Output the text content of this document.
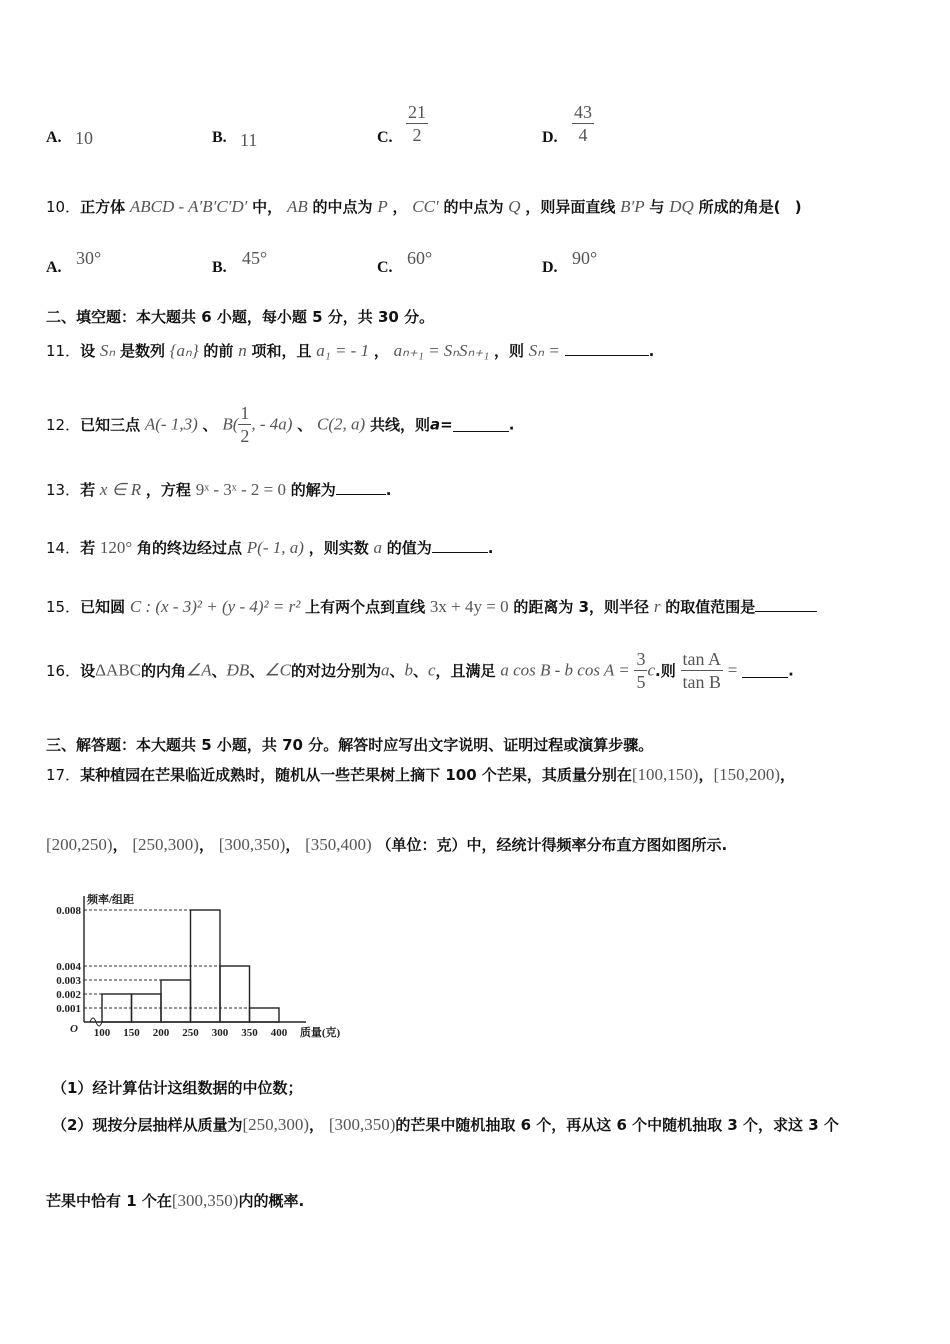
A. 10	B. 11	C. $\frac{21}{2}$	D. $\frac{43}{4}$
10．正方体 ABCD - A′B′C′D′ 中， AB 的中点为 P ， CC′ 的中点为 Q ，则异面直线 B′P 与 DQ 所成的角是( )
A. 30°	B. 45°	C. 60°	D. 90°
二、填空题：本大题共 6 小题，每小题 5 分，共 30 分。
11．设 Sₙ 是数列 {aₙ} 的前 n 项和，且 a₁ = - 1 ， aₙ₊₁ = SₙSₙ₊₁ ，则 Sₙ =	.
12．已知三点 A(- 1,3) 、 $B( \frac{1}{2}$ , - 4a) 、 C(2, a) 共线，则a=	.
13．若 x ∈ R ，方程 9ˣ - 3ˣ - 2 = 0 的解为	.
14．若 120° 角的终边经过点 P(- 1, a) ，则实数 a 的值为	.
15．已知圆 C : (x - 3)² + (y - 4)² = r² 上有两个点到直线 3x + 4y = 0 的距离为 3，则半径 r 的取值范围是
16．设ΔABC的内角∠A、ÐB、∠C的对边分别为a、b、c，且满足 a cos B - b $\cos A = \frac{3}{5} c$.则 $\frac{\text{tan A}}{\text{tan B}}$ =	.
三、解答题：本大题共 5 小题，共 70 分。解答时应写出文字说明、证明过程或演算步骤。
17．某种植园在芒果临近成熟时，随机从一些芒果树上摘下 100 个芒果，其质量分别在[100,150)，[150,200)，
[200,250)， [250,300)， [300,350)， [350,400) （单位：克）中，经统计得频率分布直方图如图所示.
0.008
0.004
0.003
0.002
0.001
100 150 200 250 300 350 400 质量(克)
频率/组距
O
（1）经计算估计这组数据的中位数；
（2）现按分层抽样从质量为[250,300)， [300,350)的芒果中随机抽取 6 个，再从这 6 个中随机抽取 3 个，求这 3 个
芒果中恰有 1 个在[300,350)内的概率.
